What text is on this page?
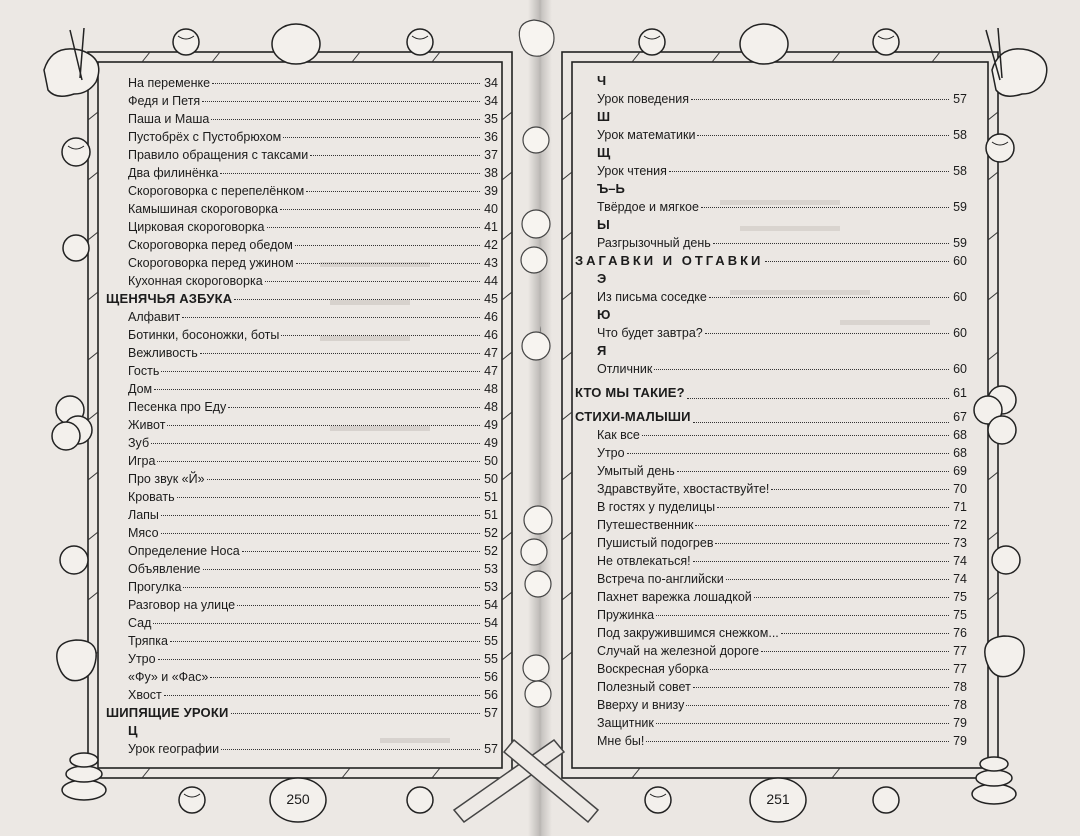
На переменке	34
Федя и Петя	34
Паша и Маша	35
Пустобрёх с Пустобрюхом	36
Правило обращения с таксами	37
Два филинёнка	38
Скороговорка с перепелёнком	39
Камышиная скороговорка	40
Цирковая скороговорка	41
Скороговорка перед обедом	42
Скороговорка перед ужином	43
Кухонная скороговорка	44
ЩЕНЯЧЬЯ АЗБУКА	45
Алфавит	46
Ботинки, босоножки, боты	46
Вежливость	47
Гость	47
Дом	48
Песенка про Еду	48
Живот	49
Зуб	49
Игра	50
Про звук «Й»	50
Кровать	51
Лапы	51
Мясо	52
Определение Носа	52
Объявление	53
Прогулка	53
Разговор на улице	54
Сад	54
Тряпка	55
Утро	55
«Фу» и «Фас»	56
Хвост	56
ШИПЯЩИЕ УРОКИ	57
Ц
Урок географии	57
250
Ч
Урок поведения	57
Ш
Урок математики	58
Щ
Урок чтения	58
Ъ–Ь
Твёрдое и мягкое	59
Ы
Разгрызочный день	59
ЗАГАВКИ И ОТГАВКИ	60
Э
Из письма соседке	60
Ю
Что будет завтра?	60
Я
Отличник	60
КТО МЫ ТАКИЕ?	61
СТИХИ-МАЛЫШИ	67
Как все	68
Утро	68
Умытый день	69
Здравствуйте, хвостаствуйте!	70
В гостях у пуделицы	71
Путешественник	72
Пушистый подогрев	73
Не отвлекаться!	74
Встреча по-английски	74
Пахнет варежка лошадкой	75
Пружинка	75
Под закружившимся снежком...	76
Случай на железной дороге	77
Воскресная уборка	77
Полезный совет	78
Вверху и внизу	78
Защитник	79
Мне бы!	79
251
